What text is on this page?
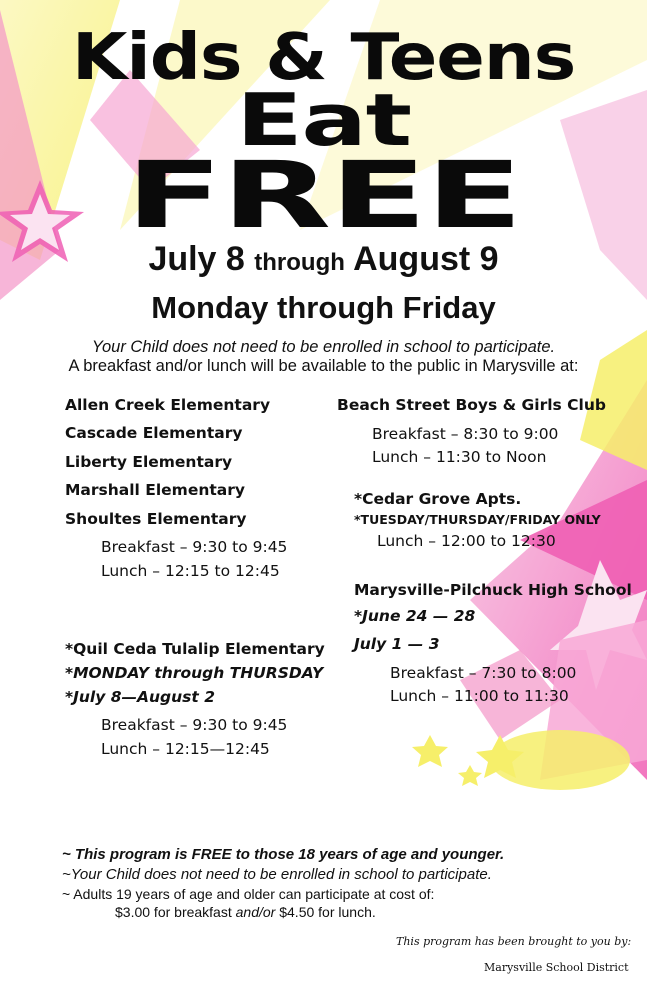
Kids & Teens
Eat
FREE
July 8 through August 9
Monday through Friday
Your Child does not need to be enrolled in school to participate.
A breakfast and/or lunch will be available to the public in Marysville at:
Allen Creek Elementary
Cascade Elementary
Liberty Elementary
Marshall Elementary
Shoultes Elementary
Breakfast – 9:30 to 9:45
Lunch – 12:15 to 12:45
*Quil Ceda Tulalip Elementary
*MONDAY through THURSDAY
*July 8—August 2
Breakfast – 9:30 to 9:45
Lunch – 12:15—12:45
Beach Street Boys & Girls Club
Breakfast – 8:30 to 9:00
Lunch – 11:30 to Noon
*Cedar Grove Apts.
*TUESDAY/THURSDAY/FRIDAY ONLY
Lunch – 12:00 to 12:30
Marysville-Pilchuck High School
*June 24 — 28
July 1 — 3
Breakfast – 7:30 to 8:00
Lunch – 11:00 to 11:30
~ This program is FREE to those 18 years of age and younger.
~Your Child does not need to be enrolled in school to participate.
~ Adults 19 years of age and older can participate at cost of:
$3.00 for breakfast and/or $4.50 for lunch.
This program has been brought to you by:
Marysville School District
